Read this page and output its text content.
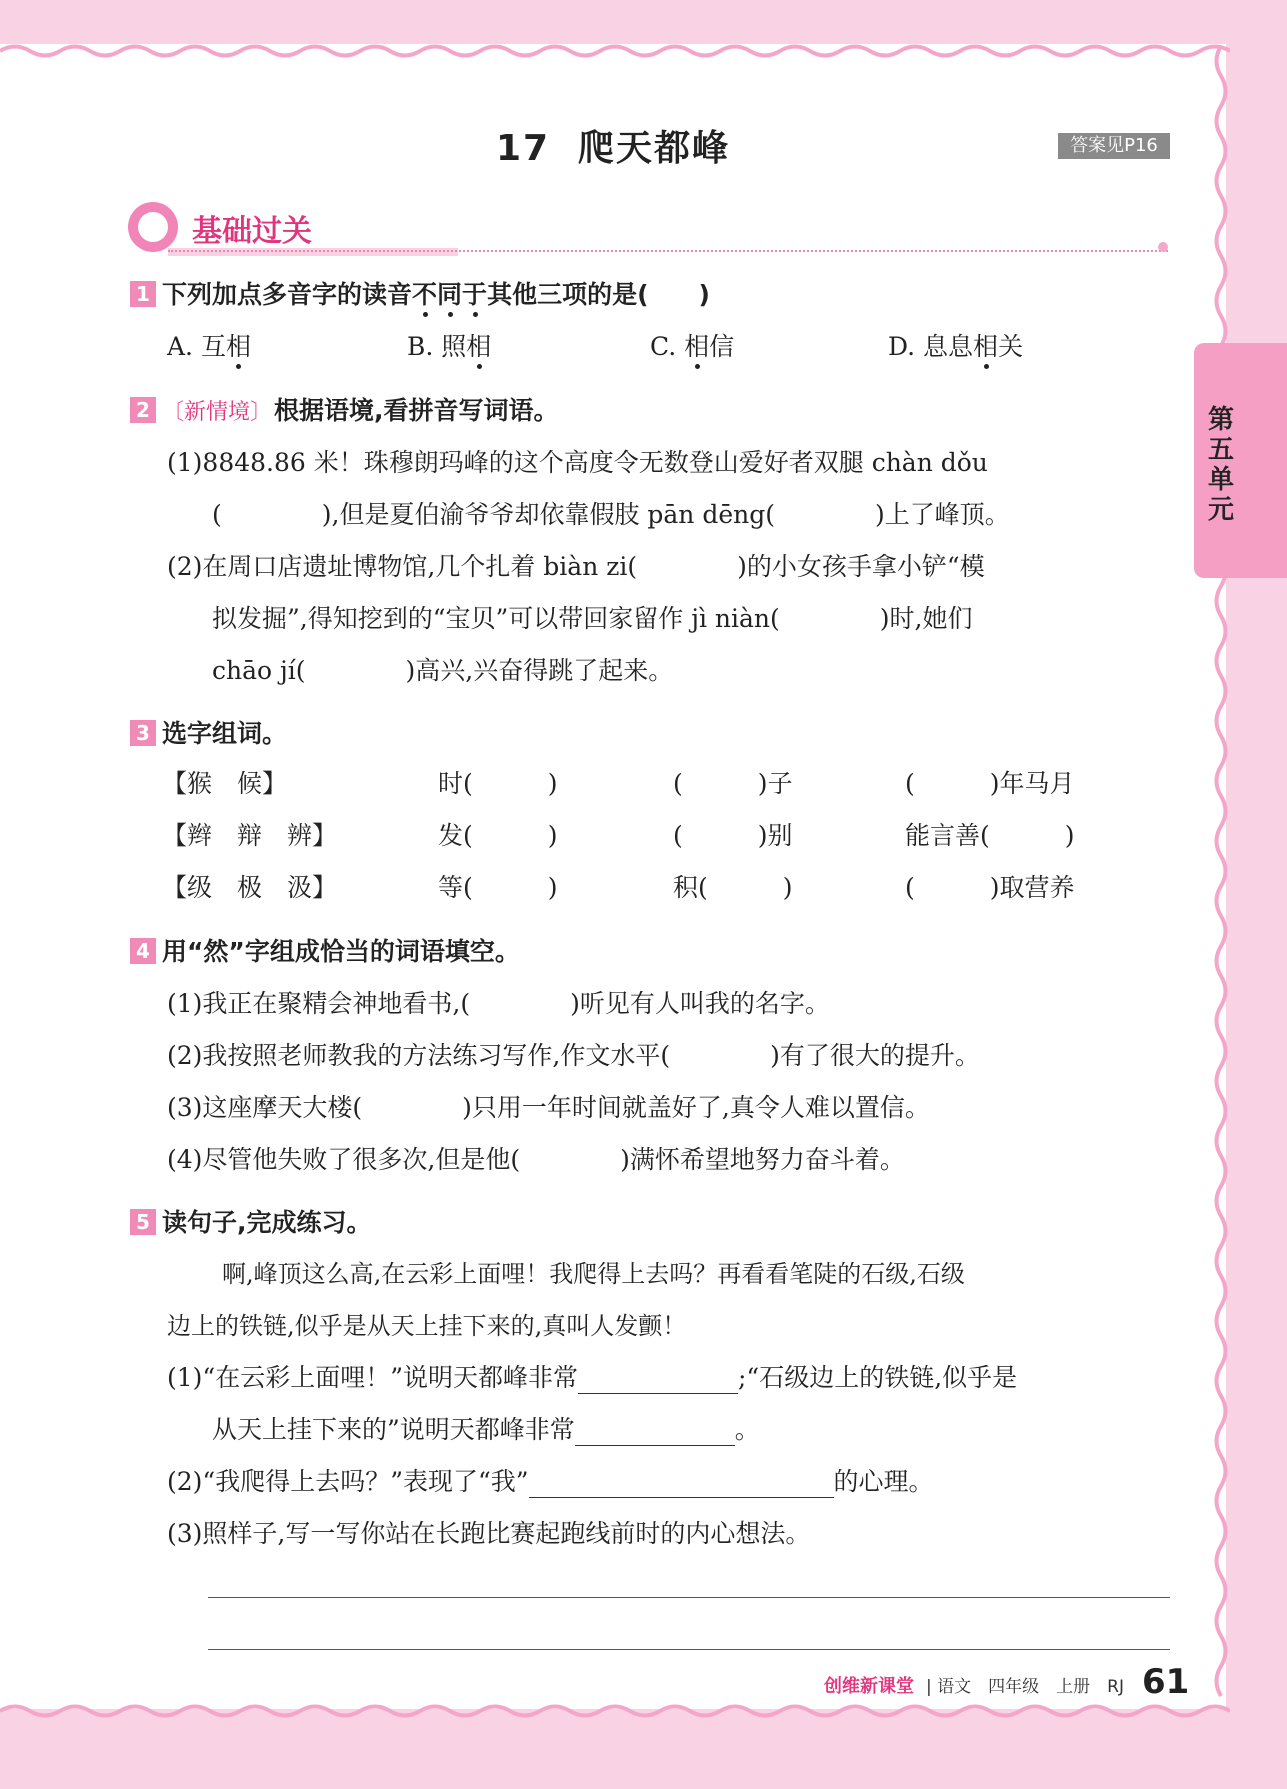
17 爬天都峰	答案见P16
基础过关
第五单元
1 下列加点多音字的读音不同于其他三项的是(　　)
A. 互相	B. 照相	C. 相信	D. 息息相关
2 〔新情境〕根据语境,看拼音写词语。
(1)8848.86 米！珠穆朗玛峰的这个高度令无数登山爱好者双腿 chàn dǒu
(　　　　),但是夏伯渝爷爷却依靠假肢 pān dēng(　　　　)上了峰顶。
(2)在周口店遗址博物馆,几个扎着 biàn zi(　　　　)的小女孩手拿小铲“模
拟发掘”,得知挖到的“宝贝”可以带回家留作 jì niàn(　　　　)时,她们
chāo jí(　　　　)高兴,兴奋得跳了起来。
3 选字组词。
【猴　候】	时(　　　)	(　　　)子	(　　　)年马月
【辫　辩　辨】	发(　　　)	(　　　)别	能言善(　　　)
【级　极　汲】	等(　　　)	积(　　　)	(　　　)取营养
4 用“然”字组成恰当的词语填空。
(1)我正在聚精会神地看书,(　　　　)听见有人叫我的名字。
(2)我按照老师教我的方法练习写作,作文水平(　　　　)有了很大的提升。
(3)这座摩天大楼(　　　　)只用一年时间就盖好了,真令人难以置信。
(4)尽管他失败了很多次,但是他(　　　　)满怀希望地努力奋斗着。
5 读句子,完成练习。
啊,峰顶这么高,在云彩上面哩！我爬得上去吗？再看看笔陡的石级,石级
边上的铁链,似乎是从天上挂下来的,真叫人发颤！
(1)“在云彩上面哩！”说明天都峰非常	;“石级边上的铁链,似乎是
从天上挂下来的”说明天都峰非常	。
(2)“我爬得上去吗？”表现了“我”	的心理。
(3)照样子,写一写你站在长跑比赛起跑线前时的内心想法。
创维新课堂 | 语文　四年级　上册　RJ 61
